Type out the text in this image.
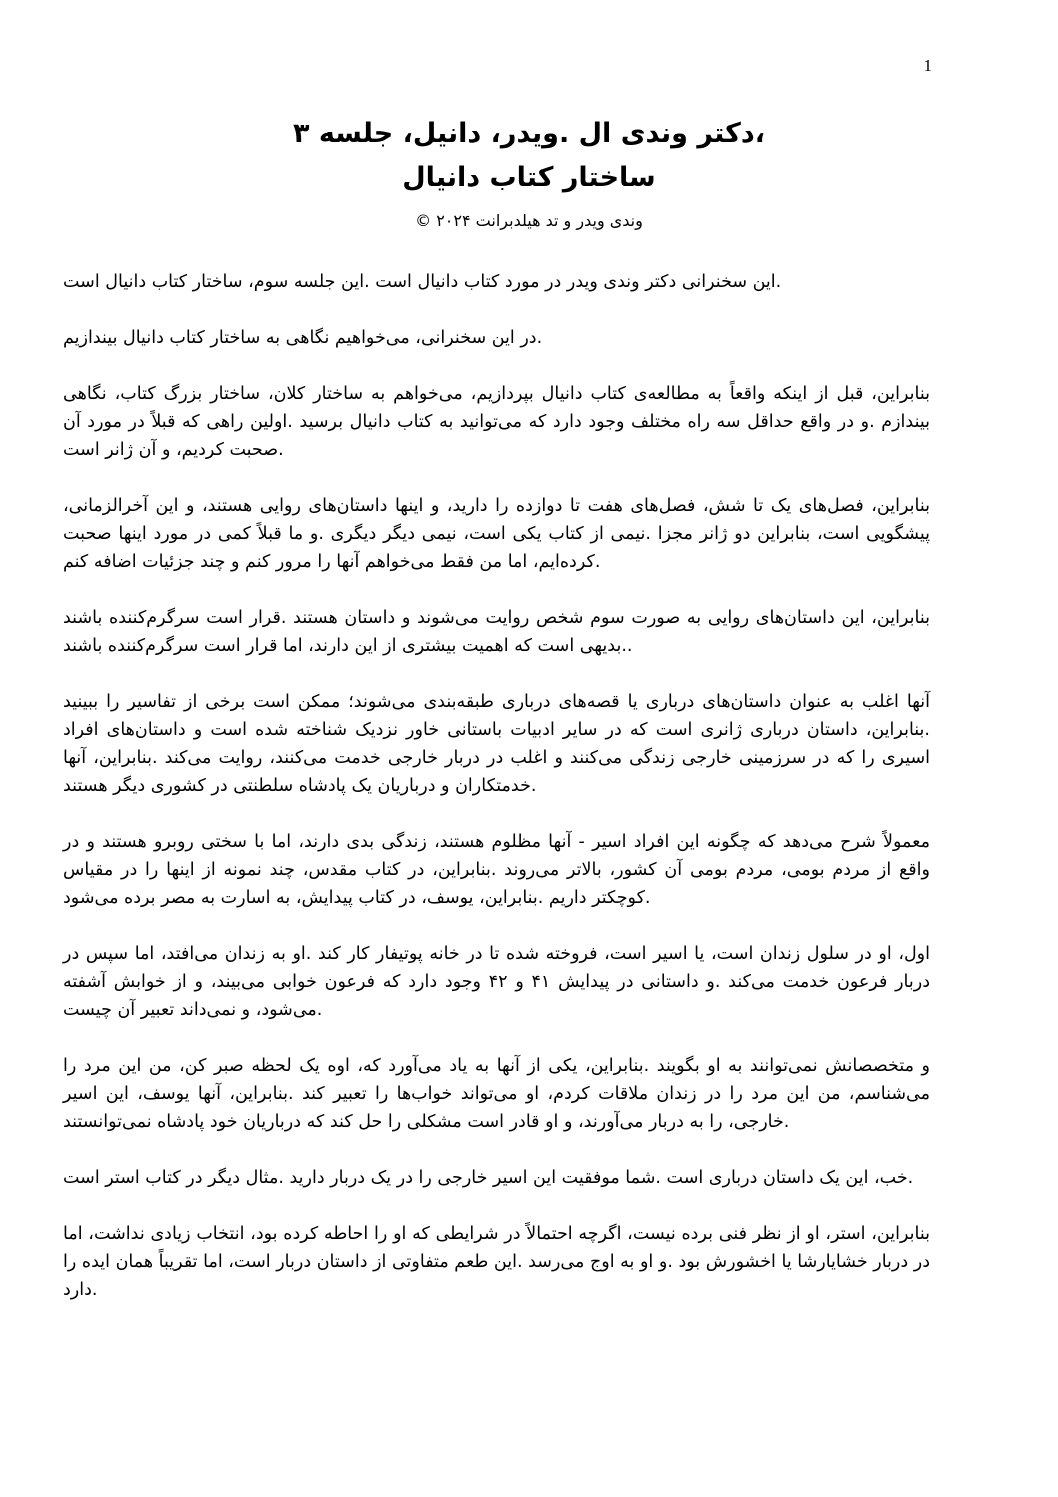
1
دکتر وندی ال .ویدر، دانیل، جلسه ۳،
ساختار کتاب دانیال
© ۲۰۲۴ وندی ویدر و تد هیلدبرانت

این سخنرانی دکتر وندی ویدر در مورد کتاب دانیال است .این جلسه سوم، ساختار کتاب دانیال است.

در این سخنرانی، می‌خواهیم نگاهی به ساختار کتاب دانیال بیندازیم.

بنابراین، قبل از اینکه واقعاً به مطالعه‌ی کتاب دانیال بپردازیم، می‌خواهم به ساختار کلان، ساختار بزرگ کتاب، نگاهی بیندازم .و در واقع حداقل سه راه مختلف وجود دارد که می‌توانید به کتاب دانیال برسید .اولین راهی که قبلاً در مورد آن صحبت کردیم، و آن ژانر است.

بنابراین، فصل‌های یک تا شش، فصل‌های هفت تا دوازده را دارید، و اینها داستان‌های روایی هستند، و این آخرالزمانی، پیشگویی است، بنابراین دو ژانر مجزا .نیمی از کتاب یکی است، نیمی دیگر دیگری .و ما قبلاً کمی در مورد اینها صحبت کرده‌ایم، اما من فقط می‌خواهم آنها را مرور کنم و چند جزئیات اضافه کنم.

بنابراین، این داستان‌های روایی به صورت سوم شخص روایت می‌شوند و داستان هستند .قرار است سرگرم‌کننده باشند .بدیهی است که اهمیت بیشتری از این دارند، اما قرار است سرگرم‌کننده باشند.

آنها اغلب به عنوان داستان‌های درباری یا قصه‌های درباری طبقه‌بندی می‌شوند؛ ممکن است برخی از تفاسیر را ببینید .بنابراین، داستان درباری ژانری است که در سایر ادبیات باستانی خاور نزدیک شناخته شده است و داستان‌های افراد اسیری را که در سرزمینی خارجی زندگی می‌کنند و اغلب در دربار خارجی خدمت می‌کنند، روایت می‌کند .بنابراین، آنها خدمتکاران و درباریان یک پادشاه سلطنتی در کشوری دیگر هستند.

معمولاً شرح می‌دهد که چگونه این افراد اسیر - آنها مظلوم هستند، زندگی بدی دارند، اما با سختی روبرو هستند و در واقع از مردم بومی، مردم بومی آن کشور، بالاتر می‌روند .بنابراین، در کتاب مقدس، چند نمونه از اینها را در مقیاس کوچکتر داریم .بنابراین، یوسف، در کتاب پیدایش، به اسارت به مصر برده می‌شود.

اول، او در سلول زندان است، یا اسیر است، فروخته شده تا در خانه پوتیفار کار کند .او به زندان می‌افتد، اما سپس در دربار فرعون خدمت می‌کند .و داستانی در پیدایش ۴۱ و ۴۲ وجود دارد که فرعون خوابی می‌بیند، و از خوابش آشفته می‌شود، و نمی‌داند تعبیر آن چیست.

و متخصصانش نمی‌توانند به او بگویند .بنابراین، یکی از آنها به یاد می‌آورد که، اوه یک لحظه صبر کن، من این مرد را می‌شناسم، من این مرد را در زندان ملاقات کردم، او می‌تواند خواب‌ها را تعبیر کند .بنابراین، آنها یوسف، این اسیر خارجی، را به دربار می‌آورند، و او قادر است مشکلی را حل کند که درباریان خود پادشاه نمی‌توانستند.

خب، این یک داستان درباری است .شما موفقیت این اسیر خارجی را در یک دربار دارید .مثال دیگر در کتاب استر است.

بنابراین، استر، او از نظر فنی برده نیست، اگرچه احتمالاً در شرایطی که او را احاطه کرده بود، انتخاب زیادی نداشت، اما در دربار خشایارشا یا اخشورش بود .و او به اوج می‌رسد .این طعم متفاوتی از داستان دربار است، اما تقریباً همان ایده را دارد.
